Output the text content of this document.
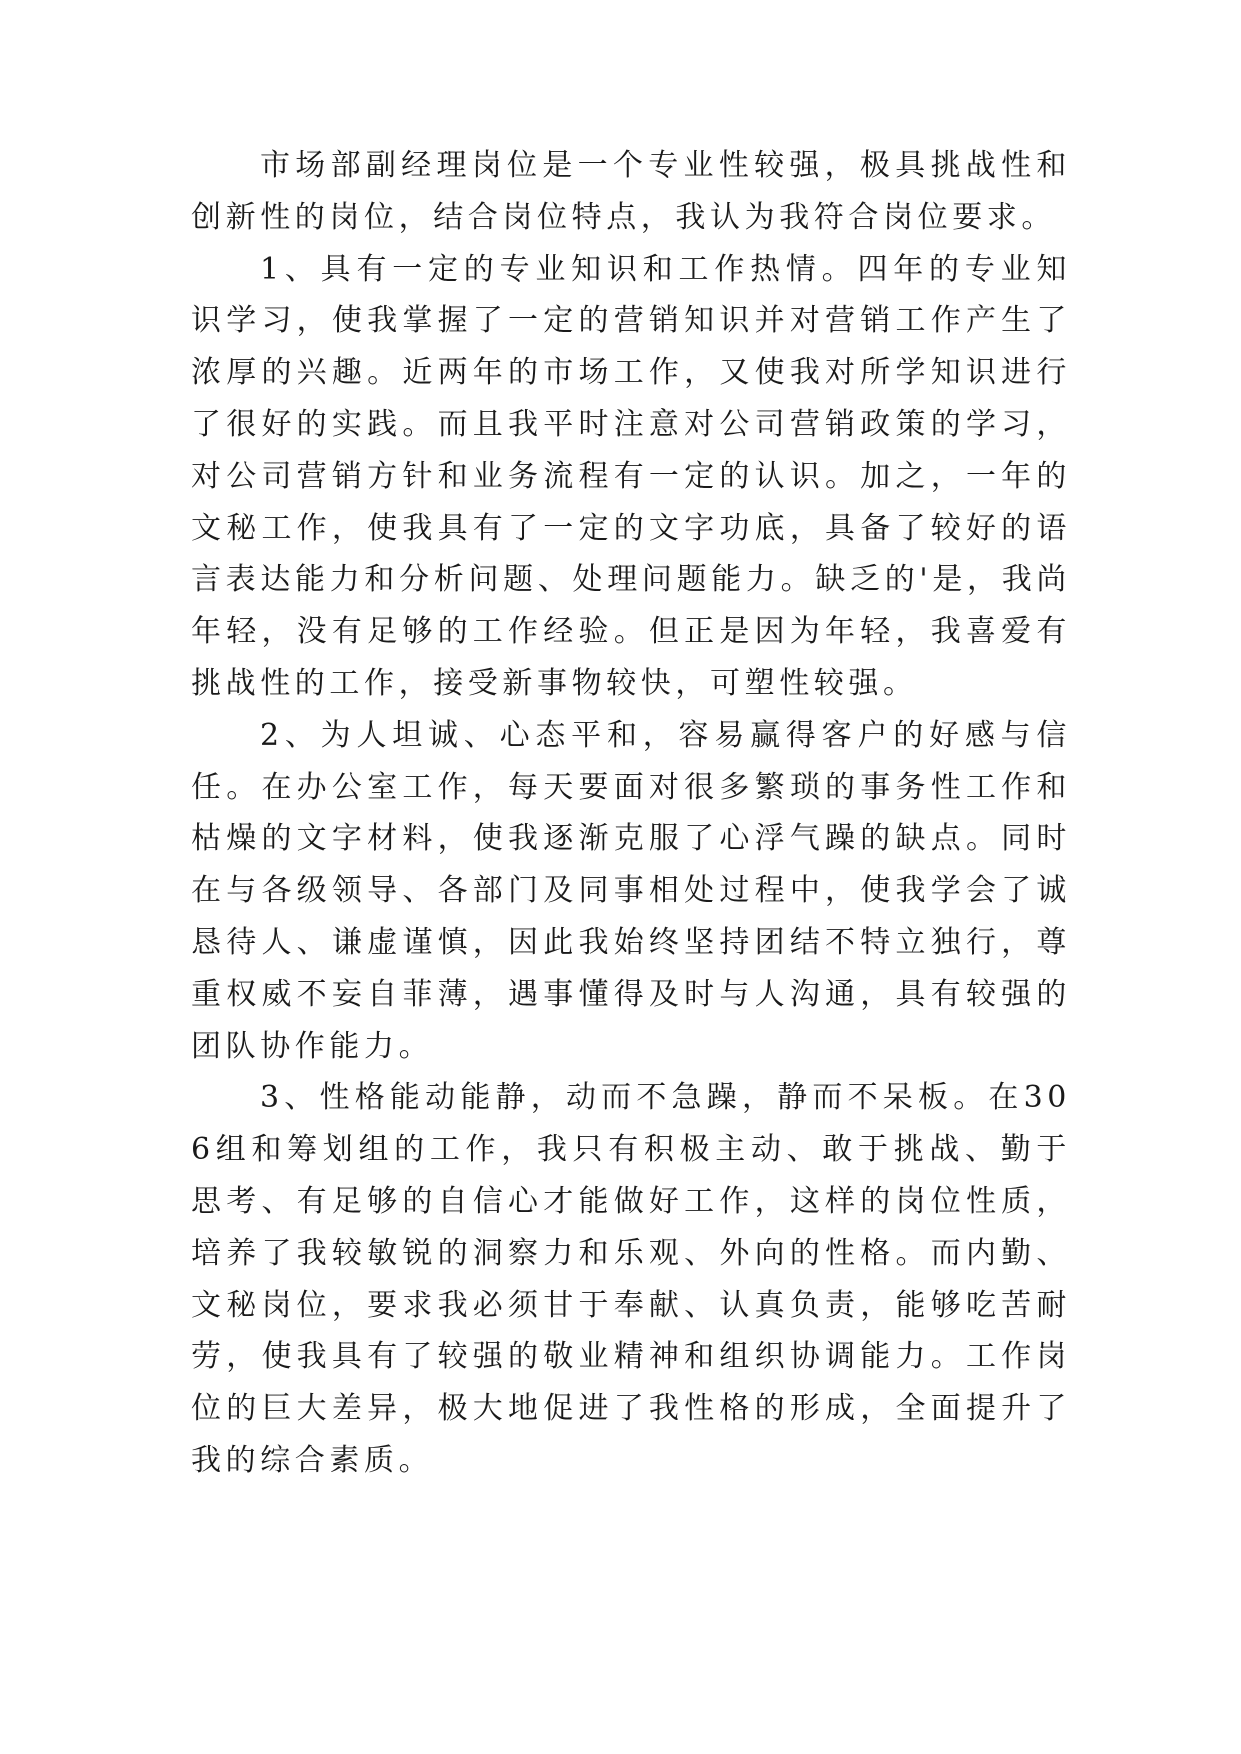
市场部副经理岗位是一个专业性较强，极具挑战性和创新性的岗位，结合岗位特点，我认为我符合岗位要求。

1、具有一定的专业知识和工作热情。四年的专业知识学习，使我掌握了一定的营销知识并对营销工作产生了浓厚的兴趣。近两年的市场工作，又使我对所学知识进行了很好的实践。而且我平时注意对公司营销政策的学习，对公司营销方针和业务流程有一定的认识。加之，一年的文秘工作，使我具有了一定的文字功底，具备了较好的语言表达能力和分析问题、处理问题能力。缺乏的'是，我尚年轻，没有足够的工作经验。但正是因为年轻，我喜爱有挑战性的工作，接受新事物较快，可塑性较强。

2、为人坦诚、心态平和，容易赢得客户的好感与信任。在办公室工作，每天要面对很多繁琐的事务性工作和枯燥的文字材料，使我逐渐克服了心浮气躁的缺点。同时在与各级领导、各部门及同事相处过程中，使我学会了诚恳待人、谦虚谨慎，因此我始终坚持团结不特立独行，尊重权威不妄自菲薄，遇事懂得及时与人沟通，具有较强的团队协作能力。

3、性格能动能静，动而不急躁，静而不呆板。在306组和筹划组的工作，我只有积极主动、敢于挑战、勤于思考、有足够的自信心才能做好工作，这样的岗位性质，培养了我较敏锐的洞察力和乐观、外向的性格。而内勤、文秘岗位，要求我必须甘于奉献、认真负责，能够吃苦耐劳，使我具有了较强的敬业精神和组织协调能力。工作岗位的巨大差异，极大地促进了我性格的形成，全面提升了我的综合素质。
